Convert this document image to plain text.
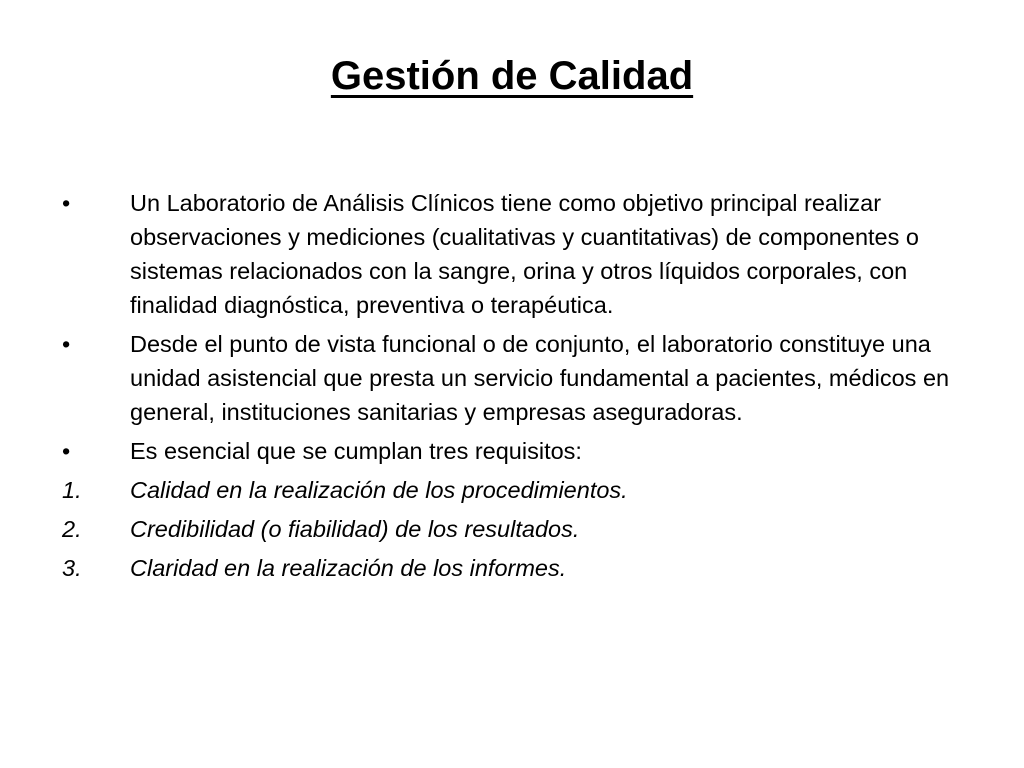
Gestión de Calidad
•	Un Laboratorio de Análisis Clínicos tiene como objetivo principal realizar observaciones y mediciones (cualitativas y cuantitativas) de componentes o sistemas relacionados con la sangre, orina y otros líquidos corporales, con finalidad diagnóstica, preventiva o terapéutica.
•	Desde el punto de vista funcional o de conjunto, el laboratorio constituye una unidad asistencial que presta un servicio fundamental a pacientes, médicos en general, instituciones sanitarias y empresas aseguradoras.
•	Es esencial que se cumplan tres requisitos:
1.	Calidad en la realización de los procedimientos.
2.	Credibilidad (o fiabilidad) de los resultados.
3.	Claridad en la realización de los informes.
